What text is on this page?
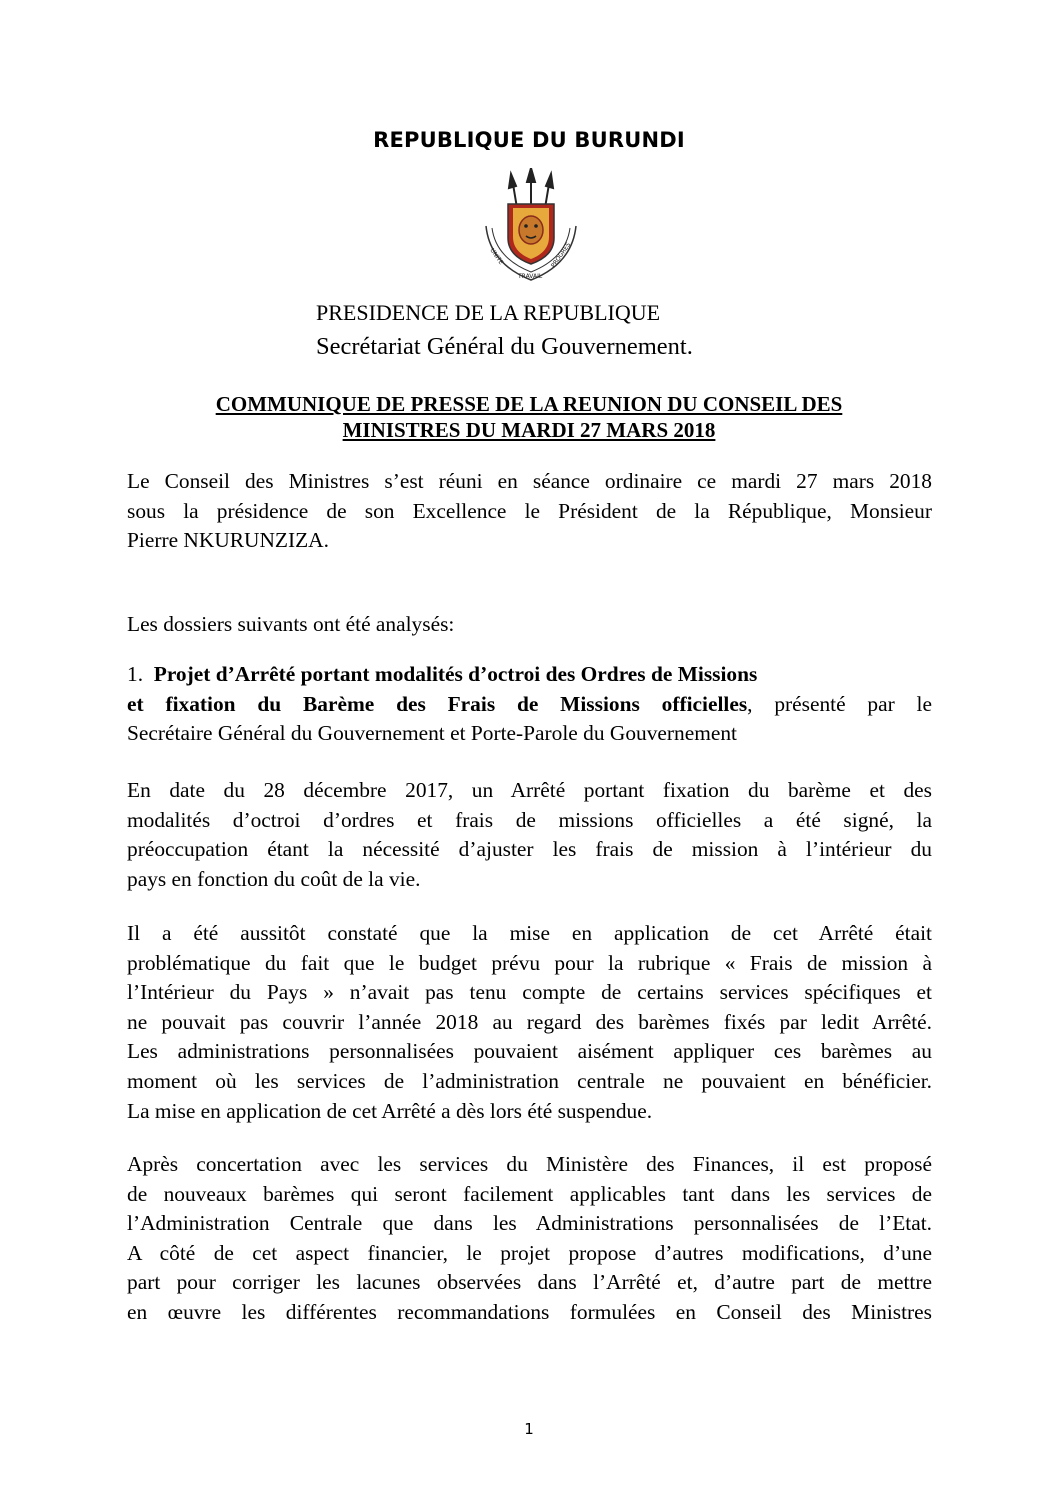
REPUBLIQUE DU BURUNDI
UNITE
TRAVAIL
PROGRES
PRESIDENCE DE LA REPUBLIQUE
Secrétariat Général du Gouvernement.
COMMUNIQUE DE PRESSE DE LA REUNION DU CONSEIL DES
MINISTRES DU MARDI 27 MARS 2018
Le Conseil des Ministres s’est réuni en séance ordinaire ce mardi 27 mars 2018
sous la présidence de son Excellence le Président de la République, Monsieur
Pierre NKURUNZIZA.
Les dossiers suivants ont été analysés:
1. Projet d’Arrêté portant modalités d’octroi des Ordres de Missions
et fixation du Barème des Frais de Missions officielles, présenté par le
Secrétaire Général du Gouvernement et Porte-Parole du Gouvernement
En date du 28 décembre 2017, un Arrêté portant fixation du barème et des
modalités d’octroi d’ordres et frais de missions officielles a été signé, la
préoccupation étant la nécessité d’ajuster les frais de mission à l’intérieur du
pays en fonction du coût de la vie.
Il a été aussitôt constaté que la mise en application de cet Arrêté était
problématique du fait que le budget prévu pour la rubrique « Frais de mission à
l’Intérieur du Pays » n’avait pas tenu compte de certains services spécifiques et
ne pouvait pas couvrir l’année 2018 au regard des barèmes fixés par ledit Arrêté.
Les administrations personnalisées pouvaient aisément appliquer ces barèmes au
moment où les services de l’administration centrale ne pouvaient en bénéficier.
La mise en application de cet Arrêté a dès lors été suspendue.
Après concertation avec les services du Ministère des Finances, il est proposé
de nouveaux barèmes qui seront facilement applicables tant dans les services de
l’Administration Centrale que dans les Administrations personnalisées de l’Etat.
A côté de cet aspect financier, le projet propose d’autres modifications, d’une
part pour corriger les lacunes observées dans l’Arrêté et, d’autre part de mettre
en œuvre les différentes recommandations formulées en Conseil des Ministres
1
